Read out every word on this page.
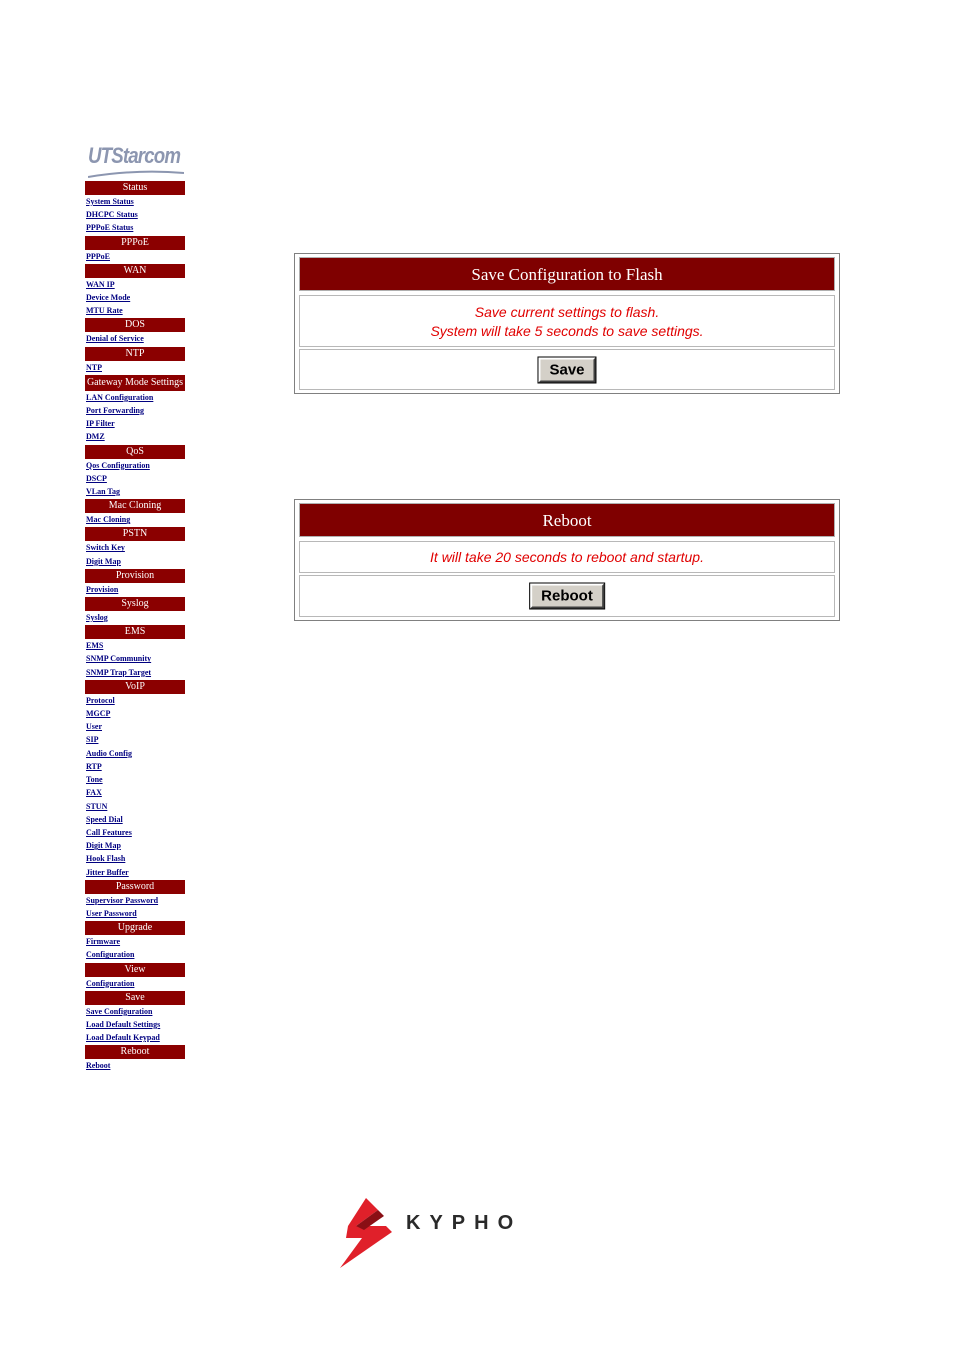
UTStarcom
Status
System Status
DHCPC Status
PPPoE Status
PPPoE
PPPoE
WAN
WAN IP
Device Mode
MTU Rate
DOS
Denial of Service
NTP
NTP
Gateway Mode Settings
LAN Configuration
Port Forwarding
IP Filter
DMZ
QoS
Qos Configuration
DSCP
VLan Tag
Mac Cloning
Mac Cloning
PSTN
Switch Key
Digit Map
Provision
Provision
Syslog
Syslog
EMS
EMS
SNMP Community
SNMP Trap Target
VoIP
Protocol
MGCP
User
SIP
Audio Config
RTP
Tone
FAX
STUN
Speed Dial
Call Features
Digit Map
Hook Flash
Jitter Buffer
Password
Supervisor Password
User Password
Upgrade
Firmware
Configuration
View
Configuration
Save
Save Configuration
Load Default Settings
Load Default Keypad
Reboot
Reboot
Save Configuration to Flash
Save current settings to flash.
System will take 5 seconds to save settings.
Save
Reboot
It will take 20 seconds to reboot and startup.
Reboot
KYPHO
